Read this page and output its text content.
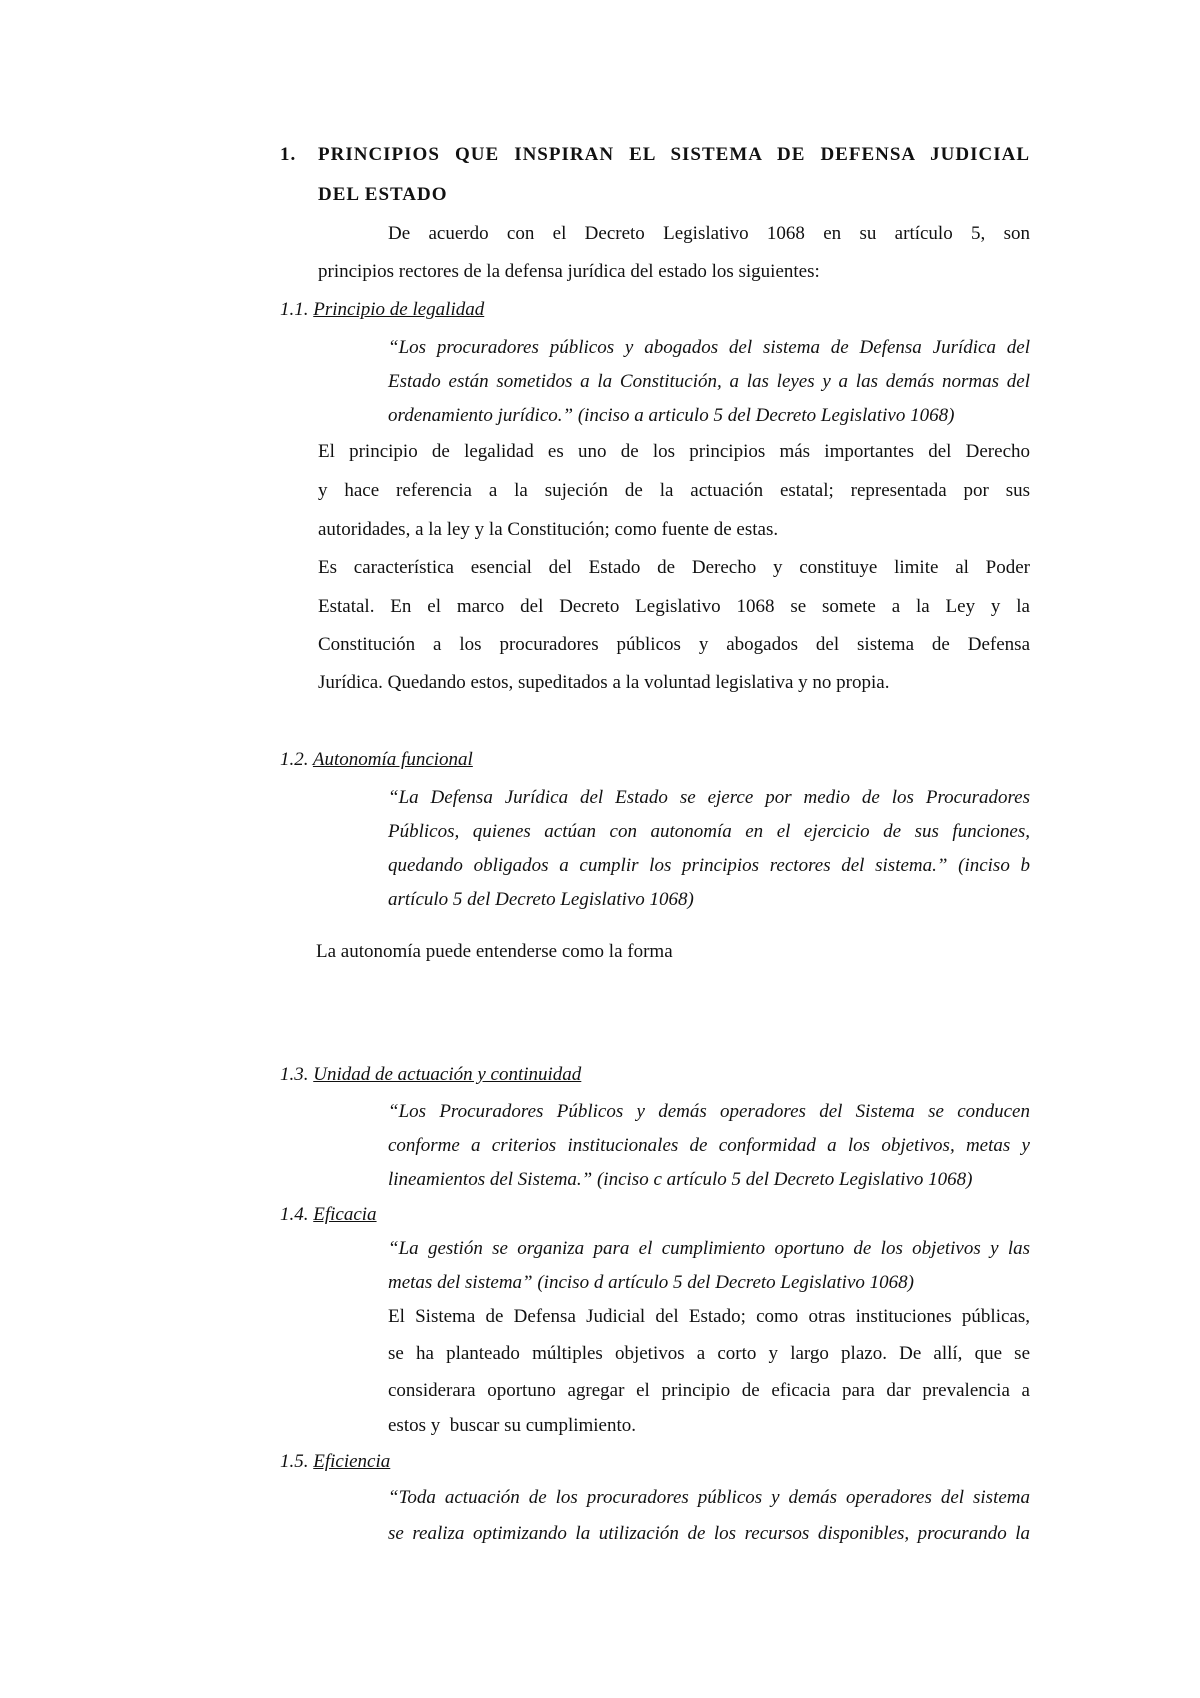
1. PRINCIPIOS QUE INSPIRAN EL SISTEMA DE DEFENSA JUDICIAL
DEL ESTADO
De acuerdo con el Decreto Legislativo 1068 en su artículo 5, son
principios rectores de la defensa jurídica del estado los siguientes:
1.1. Principio de legalidad
“Los procuradores públicos y abogados del sistema de Defensa Jurídica del
Estado están sometidos a la Constitución, a las leyes y a las demás normas del
ordenamiento jurídico.” (inciso a articulo 5 del Decreto Legislativo 1068)
El principio de legalidad es uno de los principios más importantes del Derecho
y hace referencia a la sujeción de la actuación estatal; representada por sus
autoridades, a la ley y la Constitución; como fuente de estas.
Es característica esencial del Estado de Derecho y constituye limite al Poder
Estatal. En el marco del Decreto Legislativo 1068 se somete a la Ley y la
Constitución a los procuradores públicos y abogados del sistema de Defensa
Jurídica. Quedando estos, supeditados a la voluntad legislativa y no propia.
1.2. Autonomía funcional
“La Defensa Jurídica del Estado se ejerce por medio de los Procuradores
Públicos, quienes actúan con autonomía en el ejercicio de sus funciones,
quedando obligados a cumplir los principios rectores del sistema.” (inciso b
artículo 5 del Decreto Legislativo 1068)
La autonomía puede entenderse como la forma
1.3. Unidad de actuación y continuidad
“Los Procuradores Públicos y demás operadores del Sistema se conducen
conforme a criterios institucionales de conformidad a los objetivos, metas y
lineamientos del Sistema.” (inciso c artículo 5 del Decreto Legislativo 1068)
1.4. Eficacia
“La gestión se organiza para el cumplimiento oportuno de los objetivos y las
metas del sistema” (inciso d artículo 5 del Decreto Legislativo 1068)
El Sistema de Defensa Judicial del Estado; como otras instituciones públicas,
se ha planteado múltiples objetivos a corto y largo plazo. De allí, que se
considerara oportuno agregar el principio de eficacia para dar prevalencia a
estos y  buscar su cumplimiento.
1.5. Eficiencia
“Toda actuación de los procuradores públicos y demás operadores del sistema
se realiza optimizando la utilización de los recursos disponibles, procurando la
